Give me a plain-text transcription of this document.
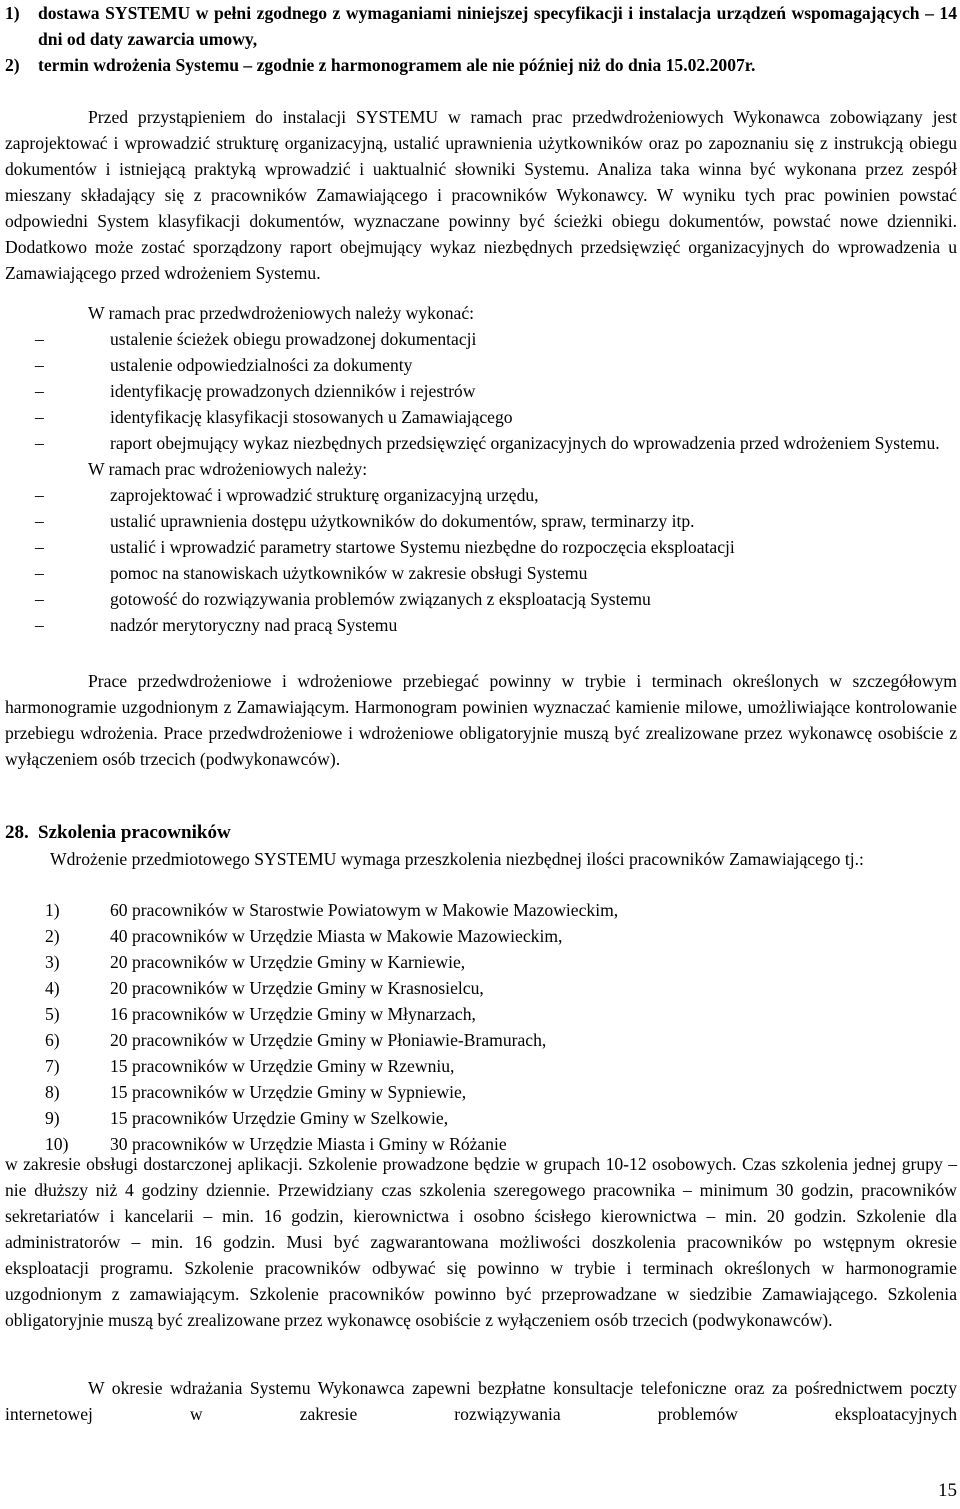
1)	dostawa SYSTEMU w pełni zgodnego z wymaganiami niniejszej specyfikacji i instalacja urządzeń wspomagających – 14 dni od daty zawarcia umowy,
2)	termin wdrożenia Systemu – zgodnie z harmonogramem ale nie później niż do dnia 15.02.2007r.

Przed przystąpieniem do instalacji SYSTEMU w ramach prac przedwdrożeniowych Wykonawca zobowiązany jest zaprojektować i wprowadzić strukturę organizacyjną, ustalić uprawnienia użytkowników oraz po zapoznaniu się z instrukcją obiegu dokumentów i istniejącą praktyką wprowadzić i uaktualnić słowniki Systemu. Analiza taka winna być wykonana przez zespół mieszany składający się z pracowników Zamawiającego i pracowników Wykonawcy. W wyniku tych prac powinien powstać odpowiedni System klasyfikacji dokumentów, wyznaczane powinny być ścieżki obiegu dokumentów, powstać nowe dzienniki. Dodatkowo może zostać sporządzony raport obejmujący wykaz niezbędnych przedsięwzięć organizacyjnych do wprowadzenia u Zamawiającego przed wdrożeniem Systemu.

W ramach prac przedwdrożeniowych należy wykonać:

–	ustalenie ścieżek obiegu prowadzonej dokumentacji
–	ustalenie odpowiedzialności za dokumenty
–	identyfikację prowadzonych dzienników i rejestrów
–	identyfikację klasyfikacji stosowanych u Zamawiającego
–	raport obejmujący wykaz niezbędnych przedsięwzięć organizacyjnych do wprowadzenia przed wdrożeniem Systemu.

W ramach prac wdrożeniowych należy:

–	zaprojektować i wprowadzić strukturę organizacyjną urzędu,
–	ustalić uprawnienia dostępu użytkowników do dokumentów, spraw, terminarzy itp.
–	ustalić i wprowadzić parametry startowe Systemu niezbędne do rozpoczęcia eksploatacji
–	pomoc na stanowiskach użytkowników w zakresie obsługi Systemu
–	gotowość do rozwiązywania problemów związanych z eksploatacją Systemu
–	nadzór merytoryczny nad pracą Systemu

Prace przedwdrożeniowe i wdrożeniowe przebiegać powinny w trybie i terminach określonych w szczegółowym harmonogramie uzgodnionym z Zamawiającym. Harmonogram powinien wyznaczać kamienie milowe, umożliwiające kontrolowanie przebiegu wdrożenia. Prace przedwdrożeniowe i wdrożeniowe obligatoryjnie muszą być zrealizowane przez wykonawcę osobiście z wyłączeniem osób trzecich (podwykonawców).

28. Szkolenia pracowników

Wdrożenie przedmiotowego SYSTEMU wymaga przeszkolenia niezbędnej ilości pracowników Zamawiającego tj.:

1)	60 pracowników w Starostwie Powiatowym w Makowie Mazowieckim,
2)	40 pracowników w Urzędzie Miasta w Makowie Mazowieckim,
3)	20 pracowników w Urzędzie Gminy w Karniewie,
4)	20 pracowników w Urzędzie Gminy w Krasnosielcu,
5)	16 pracowników w Urzędzie Gminy w Młynarzach,
6)	20 pracowników w Urzędzie Gminy w Płoniawie-Bramurach,
7)	15 pracowników w Urzędzie Gminy w Rzewniu,
8)	15 pracowników w Urzędzie Gminy w Sypniewie,
9)	15 pracowników Urzędzie Gminy w Szelkowie,
10)	30 pracowników w Urzędzie Miasta i Gminy w Różanie

w zakresie obsługi dostarczonej aplikacji. Szkolenie prowadzone będzie w grupach 10-12 osobowych. Czas szkolenia jednej grupy – nie dłuższy niż 4 godziny dziennie. Przewidziany czas szkolenia szeregowego pracownika – minimum 30 godzin, pracowników sekretariatów i kancelarii – min. 16 godzin, kierownictwa i osobno ścisłego kierownictwa – min. 20 godzin. Szkolenie dla administratorów – min. 16 godzin. Musi być zagwarantowana możliwości doszkolenia pracowników po wstępnym okresie eksploatacji programu. Szkolenie pracowników odbywać się powinno w trybie i terminach określonych w harmonogramie uzgodnionym z zamawiającym. Szkolenie pracowników powinno być przeprowadzane w siedzibie Zamawiającego. Szkolenia obligatoryjnie muszą być zrealizowane przez wykonawcę osobiście z wyłączeniem osób trzecich (podwykonawców).

W okresie wdrażania Systemu Wykonawca zapewni bezpłatne konsultacje telefoniczne oraz za pośrednictwem poczty internetowej w zakresie rozwiązywania problemów eksploatacyjnych

15
